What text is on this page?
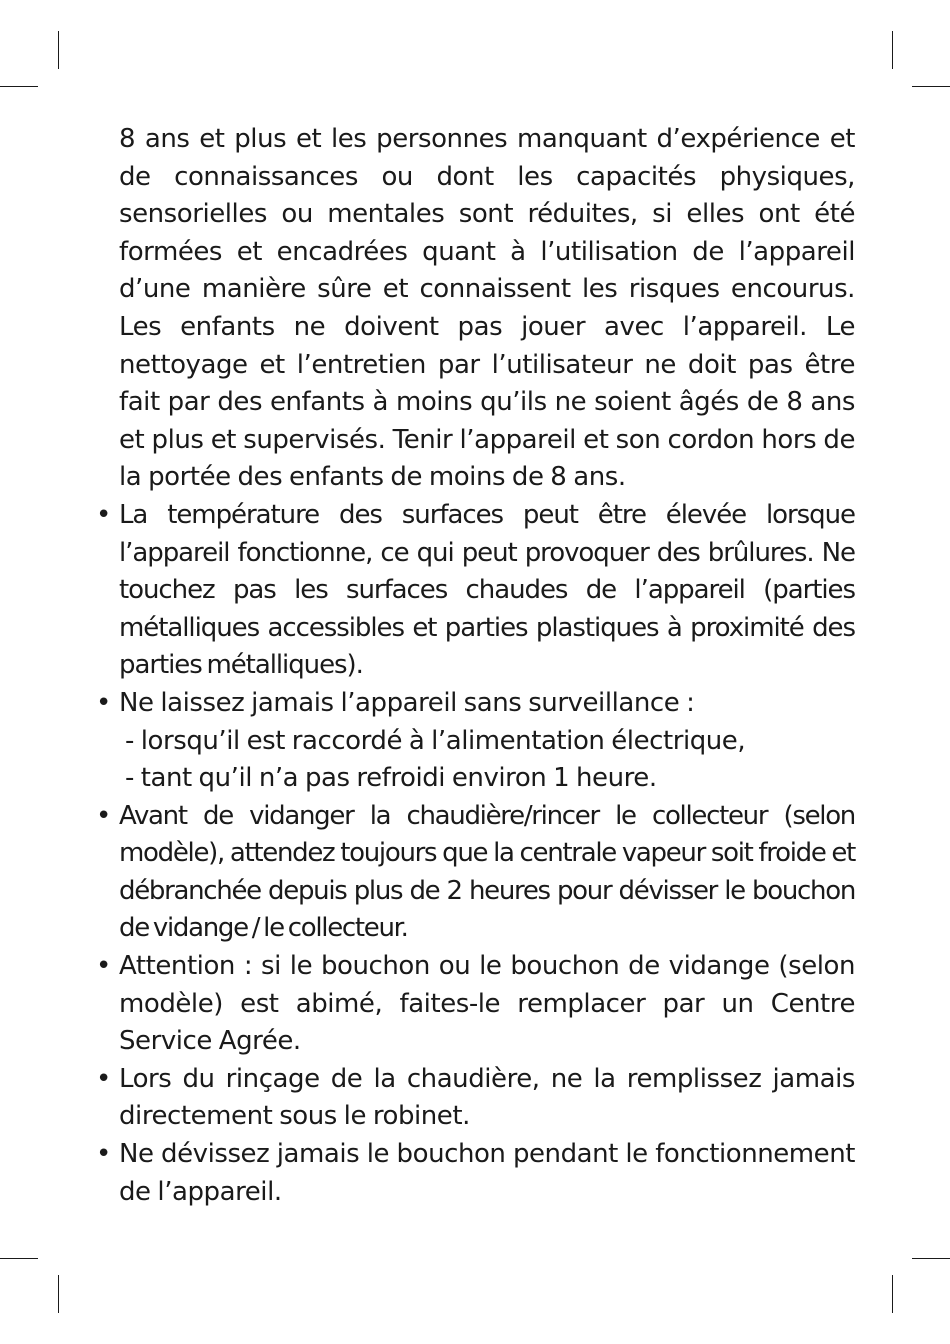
8 ans et plus et les personnes manquant d’expérience et de connaissances ou dont les capacités physiques, sensorielles ou mentales sont réduites, si elles ont été formées et encadrées quant à l’utilisation de l’appareil d’une manière sûre et connaissent les risques encourus. Les enfants ne doivent pas jouer avec l’appareil. Le nettoyage et l’entretien par l’utilisateur ne doit pas être fait par des enfants à moins qu’ils ne soient âgés de 8 ans et plus et supervisés. Tenir l’appareil et son cordon hors de la portée des enfants de moins de 8 ans.

• La température des surfaces peut être élevée lorsque l’appareil fonctionne, ce qui peut provoquer des brûlures. Ne touchez pas les surfaces chaudes de l’appareil (parties métalliques accessibles et parties plastiques à proximité des parties métalliques).
• Ne laissez jamais l’appareil sans surveillance :
- lorsqu’il est raccordé à l’alimentation électrique,
- tant qu’il n’a pas refroidi environ 1 heure.
• Avant de vidanger la chaudière/rincer le collecteur (selon modèle), attendez toujours que la centrale vapeur soit froide et débranchée depuis plus de 2 heures pour dévisser le bouchon de vidange / le collecteur.
• Attention : si le bouchon ou le bouchon de vidange (selon modèle) est abimé, faites-le remplacer par un Centre Service Agrée.
• Lors du rinçage de la chaudière, ne la remplissez jamais directement sous le robinet.
• Ne dévissez jamais le bouchon pendant le fonctionnement de l’appareil.
